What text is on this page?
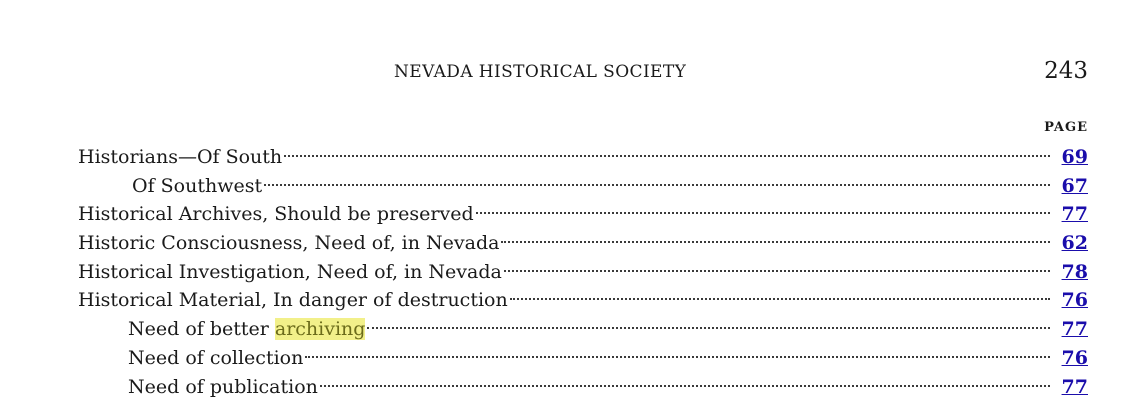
NEVADA HISTORICAL SOCIETY	243
PAGE
Historians—Of South	69
Of Southwest	67
Historical Archives, Should be preserved	77
Historic Consciousness, Need of, in Nevada	62
Historical Investigation, Need of, in Nevada	78
Historical Material, In danger of destruction	76
Need of better archiving	77
Need of collection	76
Need of publication	77
